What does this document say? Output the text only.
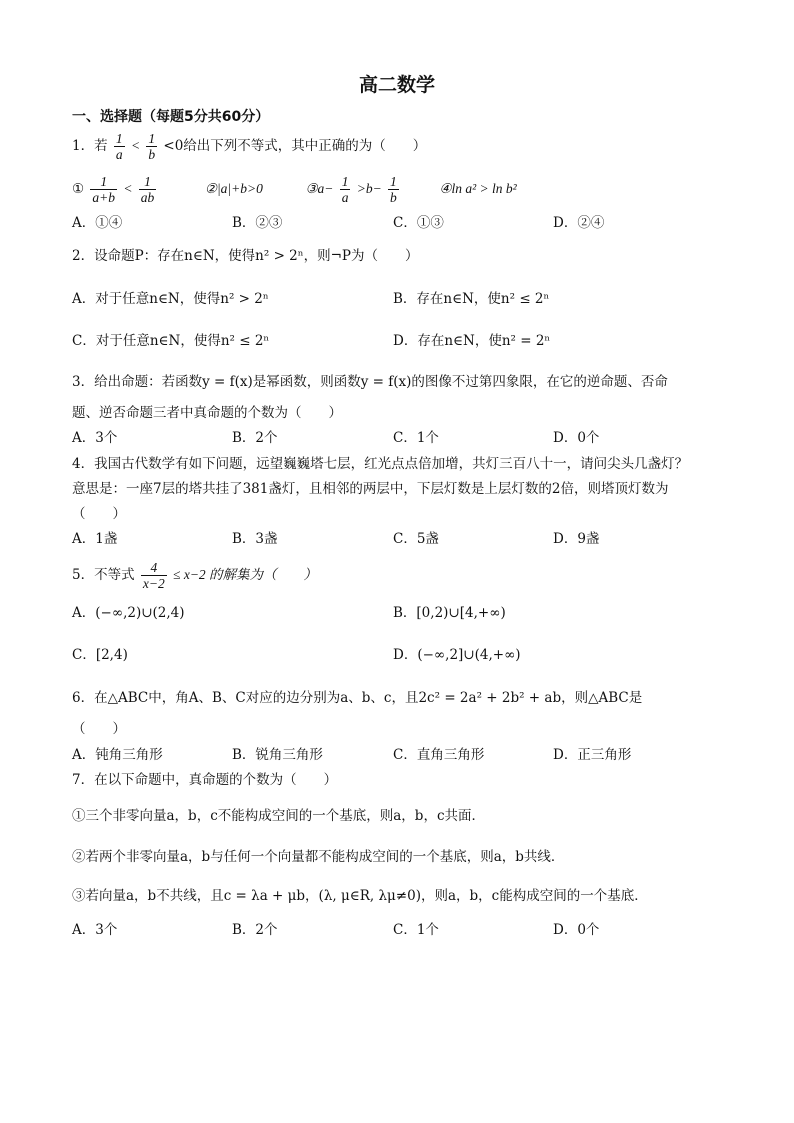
高二数学
一、选择题（每题5分共60分）
1．若 $\frac{1}{a} < \frac{1}{b} <0$给出下列不等式，其中正确的为（　　）
① $\frac{1}{a+b} < \frac{1}{ab}$	②|a|+b>0	③a− $\frac{1}{a} >b- \frac{1}{b}$	④ln a² > ln b²
A．①④	B．②③	C．①③	D．②④
2．设命题P：存在n∈N，使得n² > 2ⁿ，则¬P为（　　）
A．对于任意n∈N，使得n² > 2ⁿ	B．存在n∈N，使n² ≤ 2ⁿ
C．对于任意n∈N，使得n² ≤ 2ⁿ	D．存在n∈N，使n² = 2ⁿ
3．给出命题：若函数y = f(x)是幂函数，则函数y = f(x)的图像不过第四象限，在它的逆命题、否命
题、逆否命题三者中真命题的个数为（　　）
A．3个	B．2个	C．1个	D．0个
4．我国古代数学有如下问题，远望巍巍塔七层，红光点点倍加增，共灯三百八十一，请问尖头几盏灯？
意思是：一座7层的塔共挂了381盏灯，且相邻的两层中，下层灯数是上层灯数的2倍，则塔顶灯数为
（　　）
A．1盏	B．3盏	C．5盏	D．9盏
5．不等式 $\frac{4}{x-2} \le x-2$ 的解集为（　　）
A．(−∞,2)∪(2,4)	B．[0,2)∪[4,+∞)
C．[2,4)	D．(−∞,2]∪(4,+∞)
6．在△ABC中，角A、B、C对应的边分别为a、b、c，且2c² = 2a² + 2b² + ab，则△ABC是
（　　）
A．钝角三角形	B．锐角三角形	C．直角三角形	D．正三角形
7．在以下命题中，真命题的个数为（　　）
①三个非零向量a，b，c不能构成空间的一个基底，则a，b，c共面．
②若两个非零向量a，b与任何一个向量都不能构成空间的一个基底，则a，b共线．
③若向量a，b不共线，且c = λa + μb，(λ, μ∈R, λμ≠0)，则a，b，c能构成空间的一个基底．
A．3个	B．2个	C．1个	D．0个
